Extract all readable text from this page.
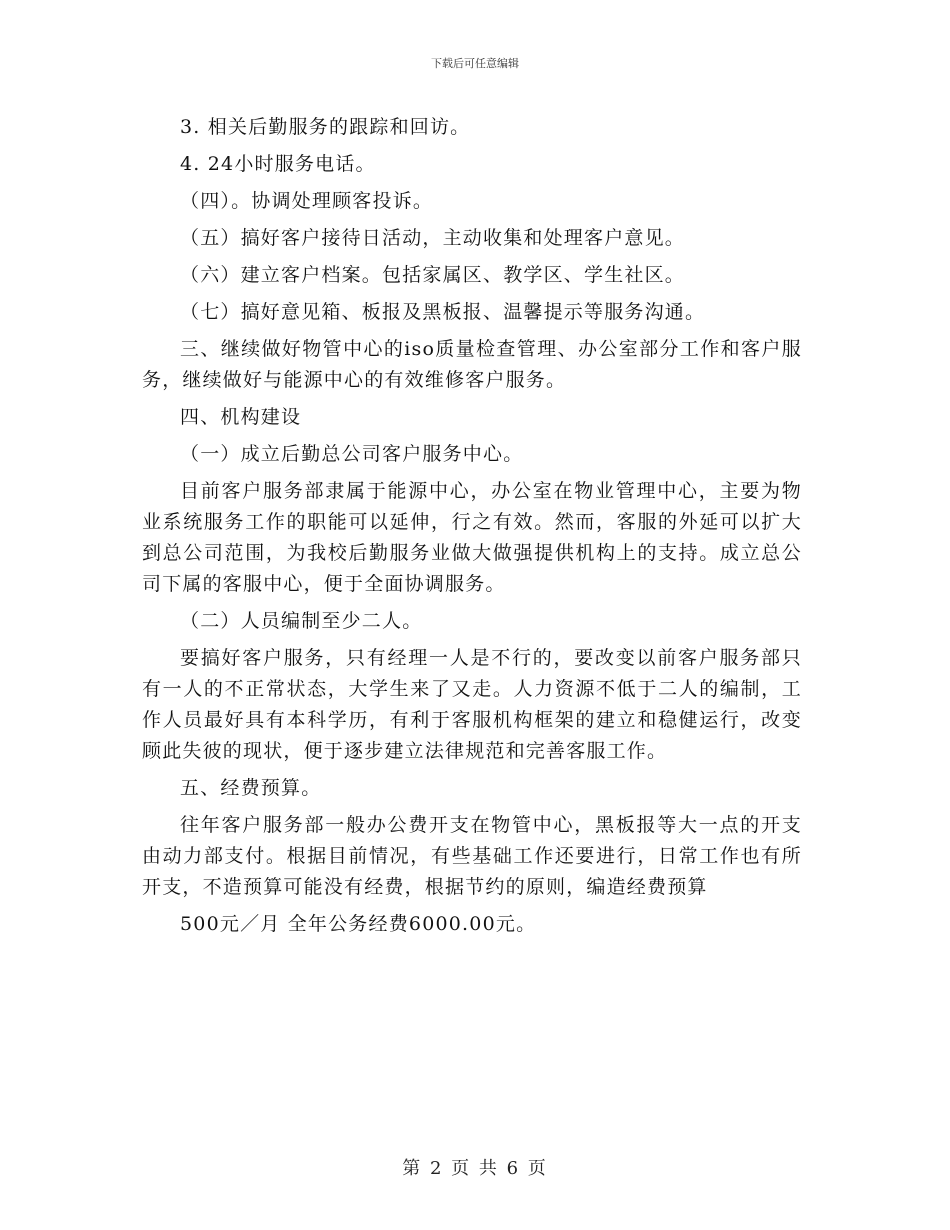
下载后可任意编辑

3. 相关后勤服务的跟踪和回访。

4. 24小时服务电话。

（四）。协调处理顾客投诉。

（五）搞好客户接待日活动，主动收集和处理客户意见。

（六）建立客户档案。包括家属区、教学区、学生社区。

（七）搞好意见箱、板报及黑板报、温馨提示等服务沟通。

三、继续做好物管中心的iso质量检查管理、办公室部分工作和客户服务，继续做好与能源中心的有效维修客户服务。

四、机构建设

（一）成立后勤总公司客户服务中心。

目前客户服务部隶属于能源中心，办公室在物业管理中心，主要为物业系统服务工作的职能可以延伸，行之有效。然而，客服的外延可以扩大到总公司范围，为我校后勤服务业做大做强提供机构上的支持。成立总公司下属的客服中心，便于全面协调服务。

（二）人员编制至少二人。

要搞好客户服务，只有经理一人是不行的，要改变以前客户服务部只有一人的不正常状态，大学生来了又走。人力资源不低于二人的编制，工作人员最好具有本科学历，有利于客服机构框架的建立和稳健运行，改变顾此失彼的现状，便于逐步建立法律规范和完善客服工作。

五、经费预算。

往年客户服务部一般办公费开支在物管中心，黑板报等大一点的开支由动力部支付。根据目前情况，有些基础工作还要进行，日常工作也有所开支，不造预算可能没有经费，根据节约的原则，编造经费预算

500元／月 全年公务经费6000.00元。

第 2 页 共 6 页
